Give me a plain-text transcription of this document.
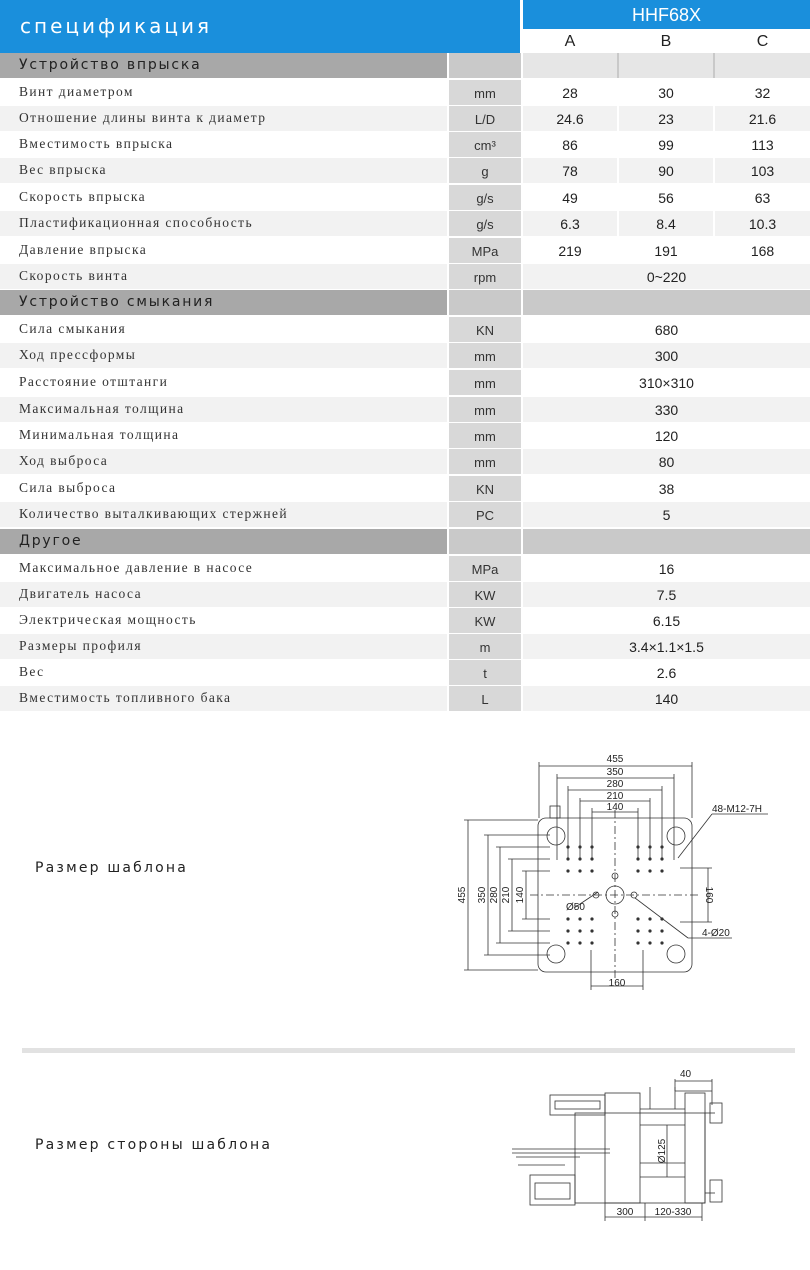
спецификация	HHF68X
A	B	C
Устройство впрыска
Винт диаметром	mm	28	30	32
Отношение длины винта к диаметр	L/D	24.6	23	21.6
Вместимость впрыска	cm³	86	99	113
Вес впрыска	g	78	90	103
Скорость впрыска	g/s	49	56	63
Пластификационная способность	g/s	6.3	8.4	10.3
Давление впрыска	MPa	219	191	168
Скорость винта	rpm	0~220
Устройство смыкания
Сила смыкания	KN	680
Ход прессформы	mm	300
Расстояние отштанги	mm	310×310
Максимальная толщина	mm	330
Минимальная толщина	mm	120
Ход выброса	mm	80
Сила выброса	KN	38
Количество выталкивающих стержней	PC	5
Другое
Максимальное давление в насосе	MPa	16
Двигатель насоса	KW	7.5
Электрическая мощность	KW	6.15
Размеры профиля	m	3.4×1.1×1.5
Вес	t	2.6
Вместимость топливного бака	L	140
Размер шаблона
455
350
280
210
140
455 350 280 210 140	160
160
48-M12-7H
Ø50
4-Ø20
Размер стороны шаблона
40
Ø125
300 120-330
